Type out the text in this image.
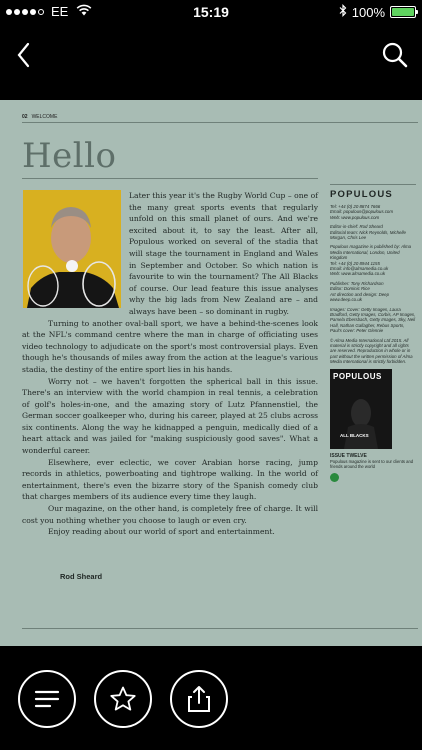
EE	15:19	100%
02 WELCOME
Hello

Later this year it's the Rugby World Cup – one of the many great sports events that regularly unfold on this small planet of ours. And we're excited about it, to say the least. After all, Populous worked on several of the stadia that will stage the tournament in England and Wales in September and October. So which nation is favourite to win the tournament? The All Blacks of course. Our lead feature this issue analyses why the big lads from New Zealand are – and always have been – so dominant in rugby.

Turning to another oval-ball sport, we have a behind-the-scenes look at the NFL's command centre where the man in charge of officiating uses video technology to adjudicate on the sport's most controversial plays. Even though he's thousands of miles away from the action at the league's various stadia, the destiny of the entire sport lies in his hands.

Worry not – we haven't forgotten the spherical ball in this issue. There's an interview with the world champion in real tennis, a celebration of golf's holes-in-one, and the amazing story of Lutz Pfannenstiel, the German soccer goalkeeper who, during his career, played at 25 clubs across six continents. Along the way he kidnapped a penguin, medically died of a heart attack and was jailed for "making suspiciously good saves". What a wonderful career.

Elsewhere, ever eclectic, we cover Arabian horse racing, jump records in athletics, powerboating and tightrope walking. In the world of entertainment, there's even the bizarre story of the Spanish comedy club that charges members of its audience every time they laugh.

Our magazine, on the other hand, is completely free of charge. It will cost you nothing whether you choose to laugh or even cry.

Enjoy reading about our world of sport and entertainment.

Rod Sheard
POPULOUS
Tel: +44 (0) 20 8874 7666
Email: populous@populous.com
Web: www.populous.com
Editor-in-chief: Rod Sheard
Editorial team: Nick Reynolds, Michelle Morgan, Chris Lee
Populous magazine is published by: Alma Media International, London, United Kingdom
Tel: +44 (0) 20 8944 1155
Email: info@almamedia.co.uk
Web: www.almamedia.co.uk
Publisher: Tony Richardson
Editor: Dominic Rice
Art direction and design: Deep www.deep.co.uk
Images: Cover: Getty Images, Laura Bradford, Getty Images, Corbis, AP Images, Pamela Ebersbach, Getty Images, Sky, Neil Hall, Nathan Gallagher, Rebus Sports, Paul's cover: Peter Glennie
© Alma Media International Ltd 2015. All material is strictly copyright and all rights are reserved. Reproduction in whole or in part without the written permission of Alma Media International is strictly forbidden.
POPULOUS
ALL BLACKS
ISSUE TWELVE
Populous magazine is sent to our clients and friends around the world
